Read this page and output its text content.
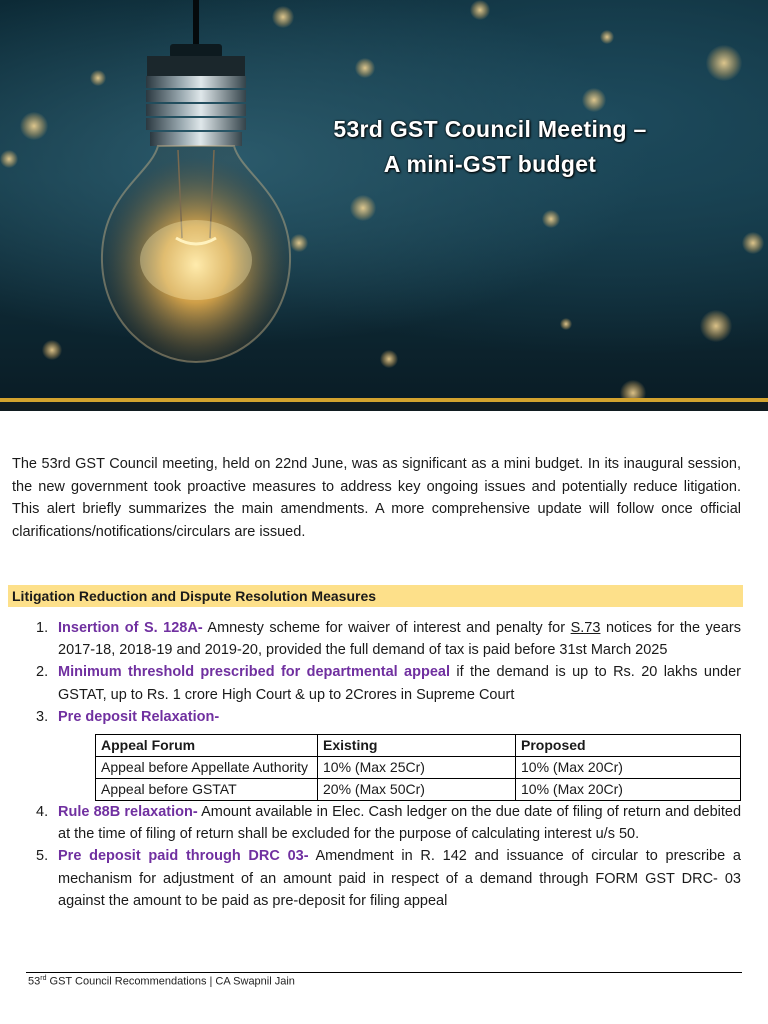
53rd GST Council Meeting –
A mini-GST budget

The 53rd GST Council meeting, held on 22nd June, was as significant as a mini budget. In its inaugural session, the new government took proactive measures to address key ongoing issues and potentially reduce litigation. This alert briefly summarizes the main amendments. A more comprehensive update will follow once official clarifications/notifications/circulars are issued.

Litigation Reduction and Dispute Resolution Measures
1. Insertion of S. 128A- Amnesty scheme for waiver of interest and penalty for S.73 notices for the years 2017-18, 2018-19 and 2019-20, provided the full demand of tax is paid before 31st March 2025
2. Minimum threshold prescribed for departmental appeal if the demand is up to Rs. 20 lakhs under GSTAT, up to Rs. 1 crore High Court & up to 2Crores in Supreme Court
3. Pre deposit Relaxation-
Appeal Forum	Existing	Proposed
Appeal before Appellate Authority	10% (Max 25Cr)	10% (Max 20Cr)
Appeal before GSTAT	20% (Max 50Cr)	10% (Max 20Cr)
4. Rule 88B relaxation- Amount available in Elec. Cash ledger on the due date of filing of return and debited at the time of filing of return shall be excluded for the purpose of calculating interest u/s 50.
5. Pre deposit paid through DRC 03- Amendment in R. 142 and issuance of circular to prescribe a mechanism for adjustment of an amount paid in respect of a demand through FORM GST DRC- 03 against the amount to be paid as pre-deposit for filing appeal
53rd GST Council Recommendations | CA Swapnil Jain
